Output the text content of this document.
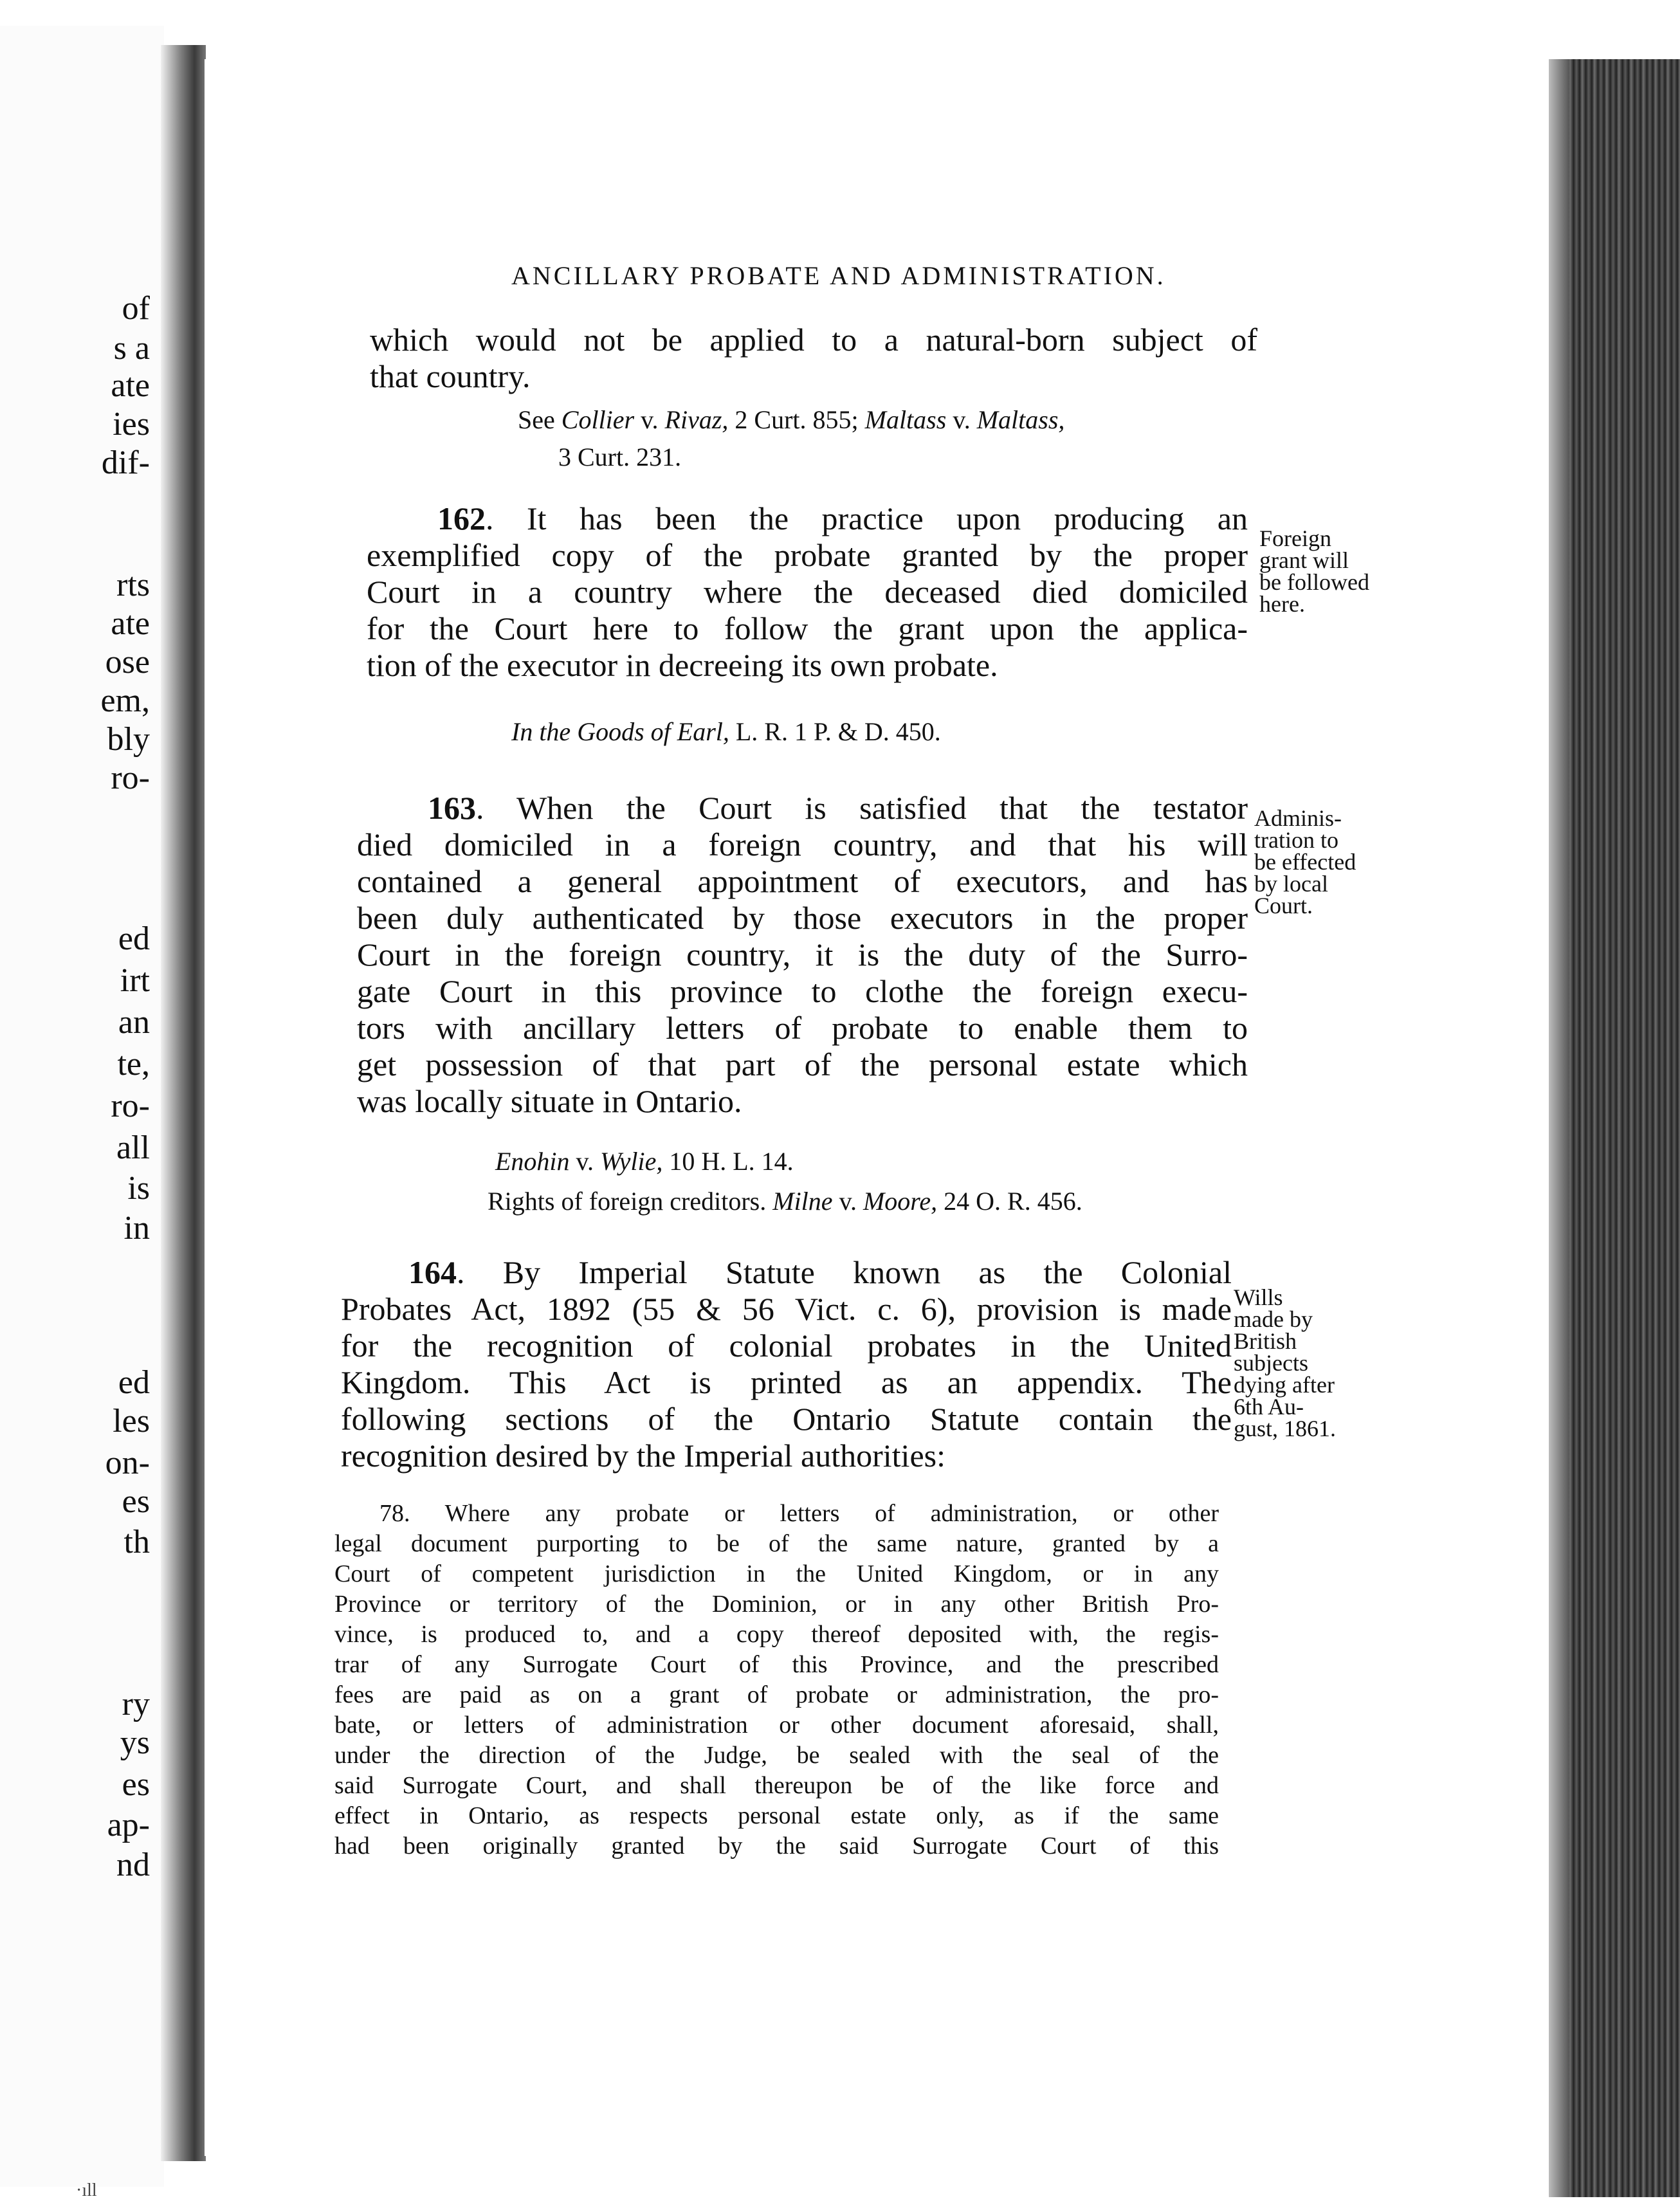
of
s a
ate
ies
dif-
rts
ate
ose
em,
bly
ro-
ed
irt
an
te,
ro-
all
is
in
ed
les
on-
es
th
ry
ys
es
ap-
nd
ANCILLARY PROBATE AND ADMINISTRATION.
which would not be applied to a natural-born subject of
that country.
See Collier v. Rivaz, 2 Curt. 855; Maltass v. Maltass,
3 Curt. 231.
162. It has been the practice upon producing an
exemplified copy of the probate granted by the proper
Court in a country where the deceased died domiciled
for the Court here to follow the grant upon the applica-
tion of the executor in decreeing its own probate.
In the Goods of Earl, L. R. 1 P. & D. 450.
Foreign
grant will
be followed
here.
163. When the Court is satisfied that the testator
died domiciled in a foreign country, and that his will
contained a general appointment of executors, and has
been duly authenticated by those executors in the proper
Court in the foreign country, it is the duty of the Surro-
gate Court in this province to clothe the foreign execu-
tors with ancillary letters of probate to enable them to
get possession of that part of the personal estate which
was locally situate in Ontario.
Enohin v. Wylie, 10 H. L. 14.
Rights of foreign creditors. Milne v. Moore, 24 O. R. 456.
Adminis-
tration to
be effected
by local
Court.
164. By Imperial Statute known as the Colonial
Probates Act, 1892 (55 & 56 Vict. c. 6), provision is made
for the recognition of colonial probates in the United
Kingdom. This Act is printed as an appendix. The
following sections of the Ontario Statute contain the
recognition desired by the Imperial authorities:
Wills
made by
British
subjects
dying after
6th Au-
gust, 1861.
78. Where any probate or letters of administration, or other
legal document purporting to be of the same nature, granted by a
Court of competent jurisdiction in the United Kingdom, or in any
Province or territory of the Dominion, or in any other British Pro-
vince, is produced to, and a copy thereof deposited with, the regis-
trar of any Surrogate Court of this Province, and the prescribed
fees are paid as on a grant of probate or administration, the pro-
bate, or letters of administration or other document aforesaid, shall,
under the direction of the Judge, be sealed with the seal of the
said Surrogate Court, and shall thereupon be of the like force and
effect in Ontario, as respects personal estate only, as if the same
had been originally granted by the said Surrogate Court of this
·ıll
